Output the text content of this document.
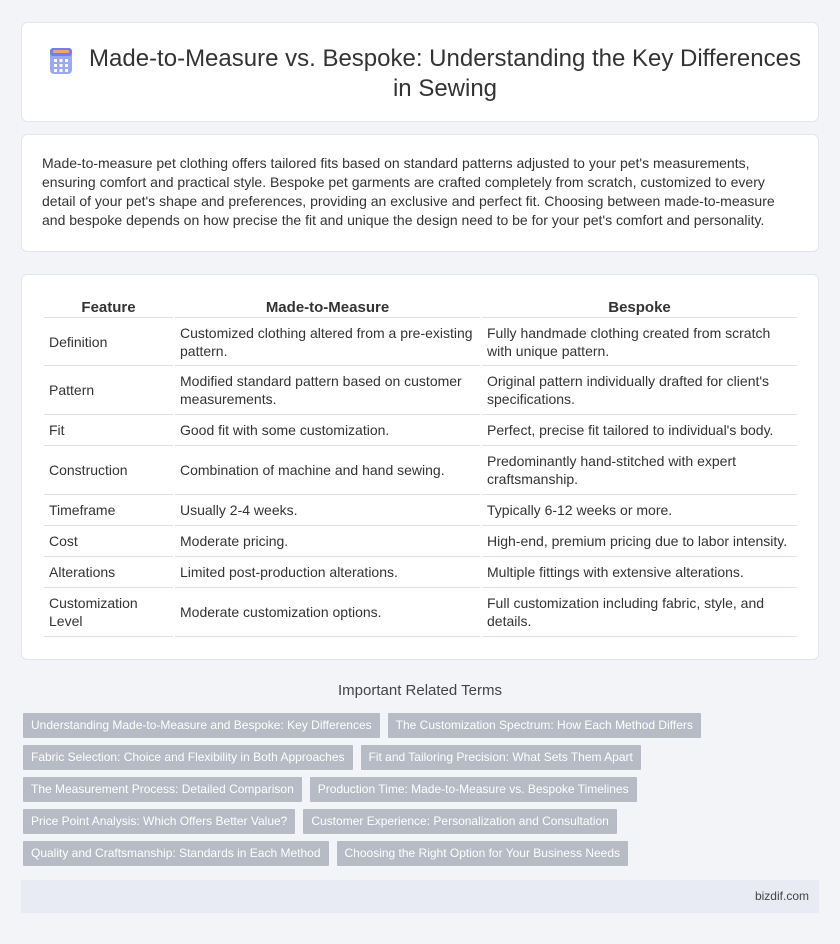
Made-to-Measure vs. Bespoke: Understanding the Key Differences in Sewing

Made-to-measure pet clothing offers tailored fits based on standard patterns adjusted to your pet's measurements, ensuring comfort and practical style. Bespoke pet garments are crafted completely from scratch, customized to every detail of your pet's shape and preferences, providing an exclusive and perfect fit. Choosing between made-to-measure and bespoke depends on how precise the fit and unique the design need to be for your pet's comfort and personality.

Feature	Made-to-Measure	Bespoke
Definition	Customized clothing altered from a pre-existing pattern.	Fully handmade clothing created from scratch with unique pattern.
Pattern	Modified standard pattern based on customer measurements.	Original pattern individually drafted for client's specifications.
Fit	Good fit with some customization.	Perfect, precise fit tailored to individual's body.
Construction	Combination of machine and hand sewing.	Predominantly hand-stitched with expert craftsmanship.
Timeframe	Usually 2-4 weeks.	Typically 6-12 weeks or more.
Cost	Moderate pricing.	High-end, premium pricing due to labor intensity.
Alterations	Limited post-production alterations.	Multiple fittings with extensive alterations.
Customization Level	Moderate customization options.	Full customization including fabric, style, and details.
Important Related Terms
Understanding Made-to-Measure and Bespoke: Key Differences	The Customization Spectrum: How Each Method Differs
Fabric Selection: Choice and Flexibility in Both Approaches	Fit and Tailoring Precision: What Sets Them Apart
The Measurement Process: Detailed Comparison	Production Time: Made-to-Measure vs. Bespoke Timelines
Price Point Analysis: Which Offers Better Value?	Customer Experience: Personalization and Consultation
Quality and Craftsmanship: Standards in Each Method	Choosing the Right Option for Your Business Needs
bizdif.com
